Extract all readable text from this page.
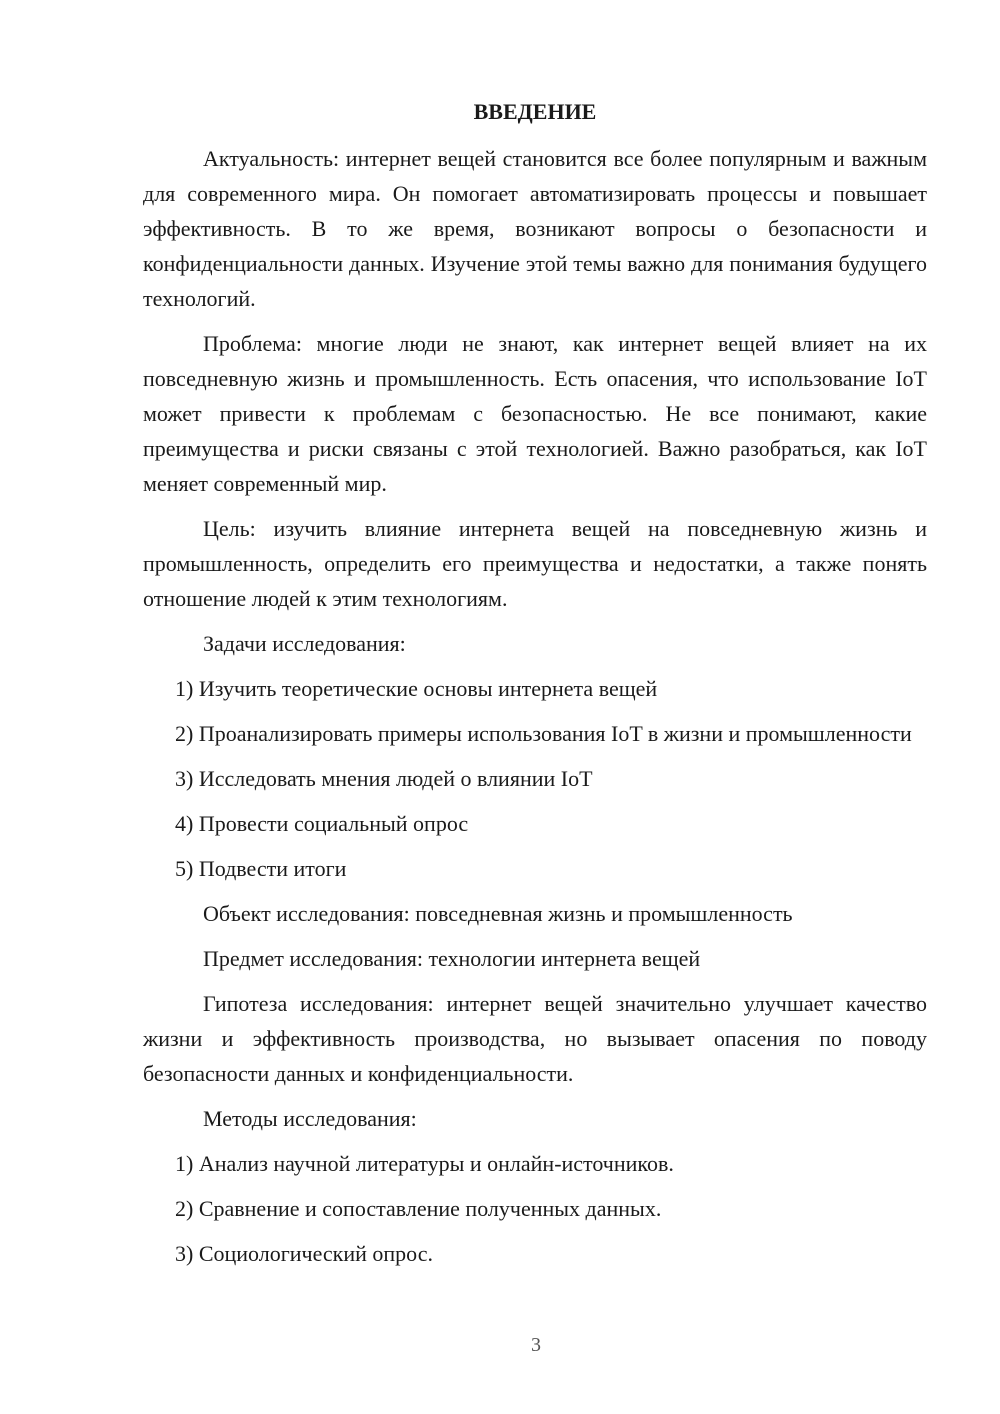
ВВЕДЕНИЕ

Актуальность: интернет вещей становится все более популярным и важным для современного мира. Он помогает автоматизировать процессы и повышает эффективность. В то же время, возникают вопросы о безопасности и конфиденциальности данных. Изучение этой темы важно для понимания будущего технологий.

Проблема: многие люди не знают, как интернет вещей влияет на их повседневную жизнь и промышленность. Есть опасения, что использование IoT может привести к проблемам с безопасностью. Не все понимают, какие преимущества и риски связаны с этой технологией. Важно разобраться, как IoT меняет современный мир.

Цель: изучить влияние интернета вещей на повседневную жизнь и промышленность, определить его преимущества и недостатки, а также понять отношение людей к этим технологиям.

Задачи исследования:

1) Изучить теоретические основы интернета вещей

2) Проанализировать примеры использования IoT в жизни и промышленности

3) Исследовать мнения людей о влиянии IoT

4) Провести социальный опрос

5) Подвести итоги

Объект исследования: повседневная жизнь и промышленность

Предмет исследования: технологии интернета вещей

Гипотеза исследования: интернет вещей значительно улучшает качество жизни и эффективность производства, но вызывает опасения по поводу безопасности данных и конфиденциальности.

Методы исследования:

1) Анализ научной литературы и онлайн-источников.

2) Сравнение и сопоставление полученных данных.

3) Социологический опрос.

3
